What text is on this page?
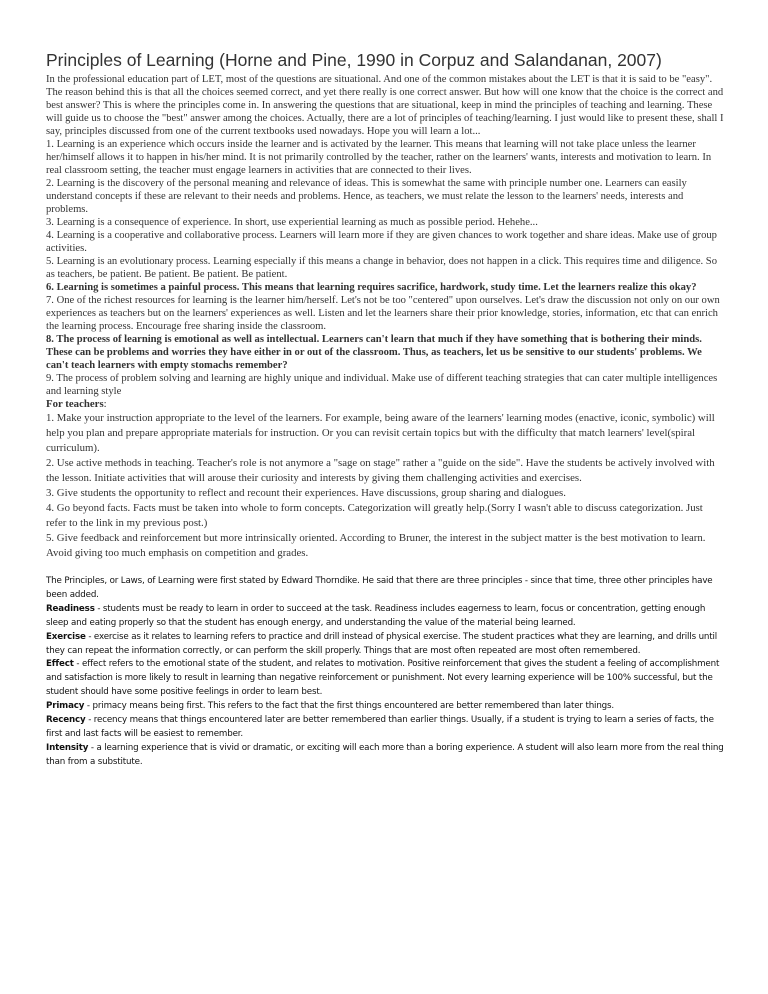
Principles of Learning (Horne and Pine, 1990 in Corpuz and Salandanan, 2007)

In the professional education part of LET, most of the questions are situational. And one of the common mistakes about the LET is that it is said to be "easy". The reason behind this is that all the choices seemed correct, and yet there really is one correct answer. But how will one know that the choice is the correct and best answer? This is where the principles come in. In answering the questions that are situational, keep in mind the principles of teaching and learning. These will guide us to choose the "best" answer among the choices. Actually, there are a lot of principles of teaching/learning. I just would like to present these, shall I say, principles discussed from one of the current textbooks used nowadays. Hope you will learn a lot...

1. Learning is an experience which occurs inside the learner and is activated by the learner. This means that learning will not take place unless the learner her/himself allows it to happen in his/her mind. It is not primarily controlled by the teacher, rather on the learners' wants, interests and motivation to learn. In real classroom setting, the teacher must engage learners in activities that are connected to their lives.

2. Learning is the discovery of the personal meaning and relevance of ideas. This is somewhat the same with principle number one. Learners can easily understand concepts if these are relevant to their needs and problems. Hence, as teachers, we must relate the lesson to the learners' needs, interests and problems.

3. Learning is a consequence of experience. In short, use experiential learning as much as possible period. Hehehe...

4. Learning is a cooperative and collaborative process. Learners will learn more if they are given chances to work together and share ideas. Make use of group activities.

5. Learning is an evolutionary process. Learning especially if this means a change in behavior, does not happen in a click. This requires time and diligence. So as teachers, be patient. Be patient. Be patient. Be patient.

6. Learning is sometimes a painful process. This means that learning requires sacrifice, hardwork, study time. Let the learners realize this okay?

7. One of the richest resources for learning is the learner him/herself. Let's not be too "centered" upon ourselves. Let's draw the discussion not only on our own experiences as teachers but on the learners' experiences as well. Listen and let the learners share their prior knowledge, stories, information, etc that can enrich the learning process. Encourage free sharing inside the classroom.

8. The process of learning is emotional as well as intellectual. Learners can't learn that much if they have something that is bothering their minds. These can be problems and worries they have either in or out of the classroom. Thus, as teachers, let us be sensitive to our students' problems. We can't teach learners with empty stomachs remember?

9. The process of problem solving and learning are highly unique and individual. Make use of different teaching strategies that can cater multiple intelligences and learning style

For teachers:

1. Make your instruction appropriate to the level of the learners. For example, being aware of the learners' learning modes (enactive, iconic, symbolic) will help you plan and prepare appropriate materials for instruction. Or you can revisit certain topics but with the difficulty that match learners' level(spiral curriculum).

2. Use active methods in teaching. Teacher's role is not anymore a "sage on stage" rather a "guide on the side". Have the students be actively involved with the lesson. Initiate activities that will arouse their curiosity and interests by giving them challenging activities and exercises.

3. Give students the opportunity to reflect and recount their experiences. Have discussions, group sharing and dialogues.

4. Go beyond facts. Facts must be taken into whole to form concepts. Categorization will greatly help.(Sorry I wasn't able to discuss categorization. Just refer to the link in my previous post.)

5. Give feedback and reinforcement but more intrinsically oriented. According to Bruner, the interest in the subject matter is the best motivation to learn. Avoid giving too much emphasis on competition and grades.

The Principles, or Laws, of Learning were first stated by Edward Thorndike. He said that there are three principles - since that time, three other principles have been added.

Readiness - students must be ready to learn in order to succeed at the task. Readiness includes eagerness to learn, focus or concentration, getting enough sleep and eating properly so that the student has enough energy, and understanding the value of the material being learned.

Exercise - exercise as it relates to learning refers to practice and drill instead of physical exercise. The student practices what they are learning, and drills until they can repeat the information correctly, or can perform the skill properly. Things that are most often repeated are most often remembered.

Effect - effect refers to the emotional state of the student, and relates to motivation. Positive reinforcement that gives the student a feeling of accomplishment and satisfaction is more likely to result in learning than negative reinforcement or punishment. Not every learning experience will be 100% successful, but the student should have some positive feelings in order to learn best.

Primacy - primacy means being first. This refers to the fact that the first things encountered are better remembered than later things.

Recency - recency means that things encountered later are better remembered than earlier things. Usually, if a student is trying to learn a series of facts, the first and last facts will be easiest to remember.

Intensity - a learning experience that is vivid or dramatic, or exciting will each more than a boring experience. A student will also learn more from the real thing than from a substitute.
